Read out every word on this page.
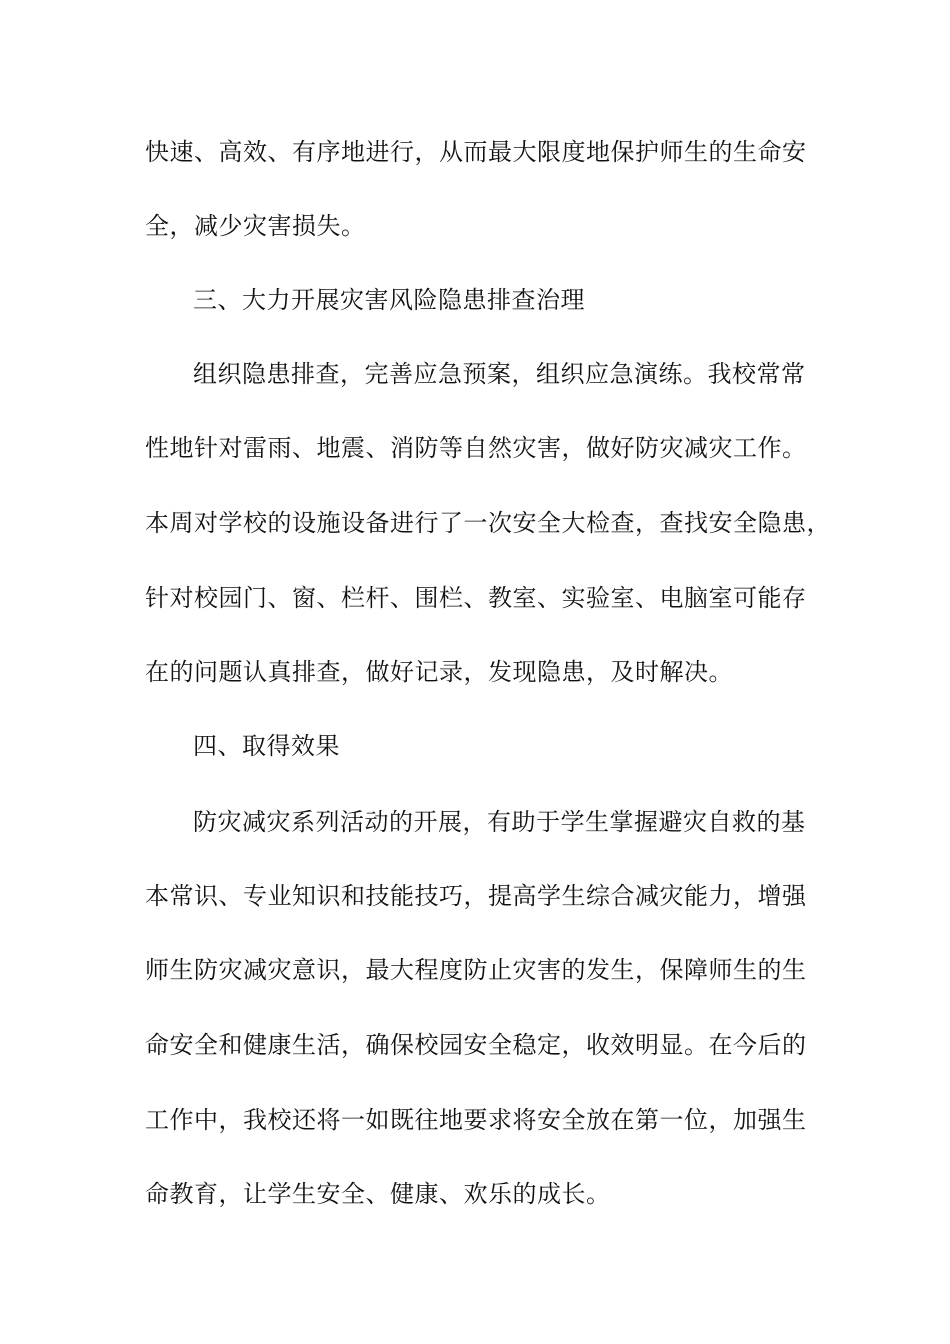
快速、高效、有序地进行，从而最大限度地保护师生的生命安
全，减少灾害损失。
三、大力开展灾害风险隐患排查治理
组织隐患排查，完善应急预案，组织应急演练。我校常常
性地针对雷雨、地震、消防等自然灾害，做好防灾减灾工作。
本周对学校的设施设备进行了一次安全大检查，查找安全隐患，
针对校园门、窗、栏杆、围栏、教室、实验室、电脑室可能存
在的问题认真排查，做好记录，发现隐患，及时解决。
四、取得效果
防灾减灾系列活动的开展，有助于学生掌握避灾自救的基
本常识、专业知识和技能技巧，提高学生综合减灾能力，增强
师生防灾减灾意识，最大程度防止灾害的发生，保障师生的生
命安全和健康生活，确保校园安全稳定，收效明显。在今后的
工作中，我校还将一如既往地要求将安全放在第一位，加强生
命教育，让学生安全、健康、欢乐的成长。
